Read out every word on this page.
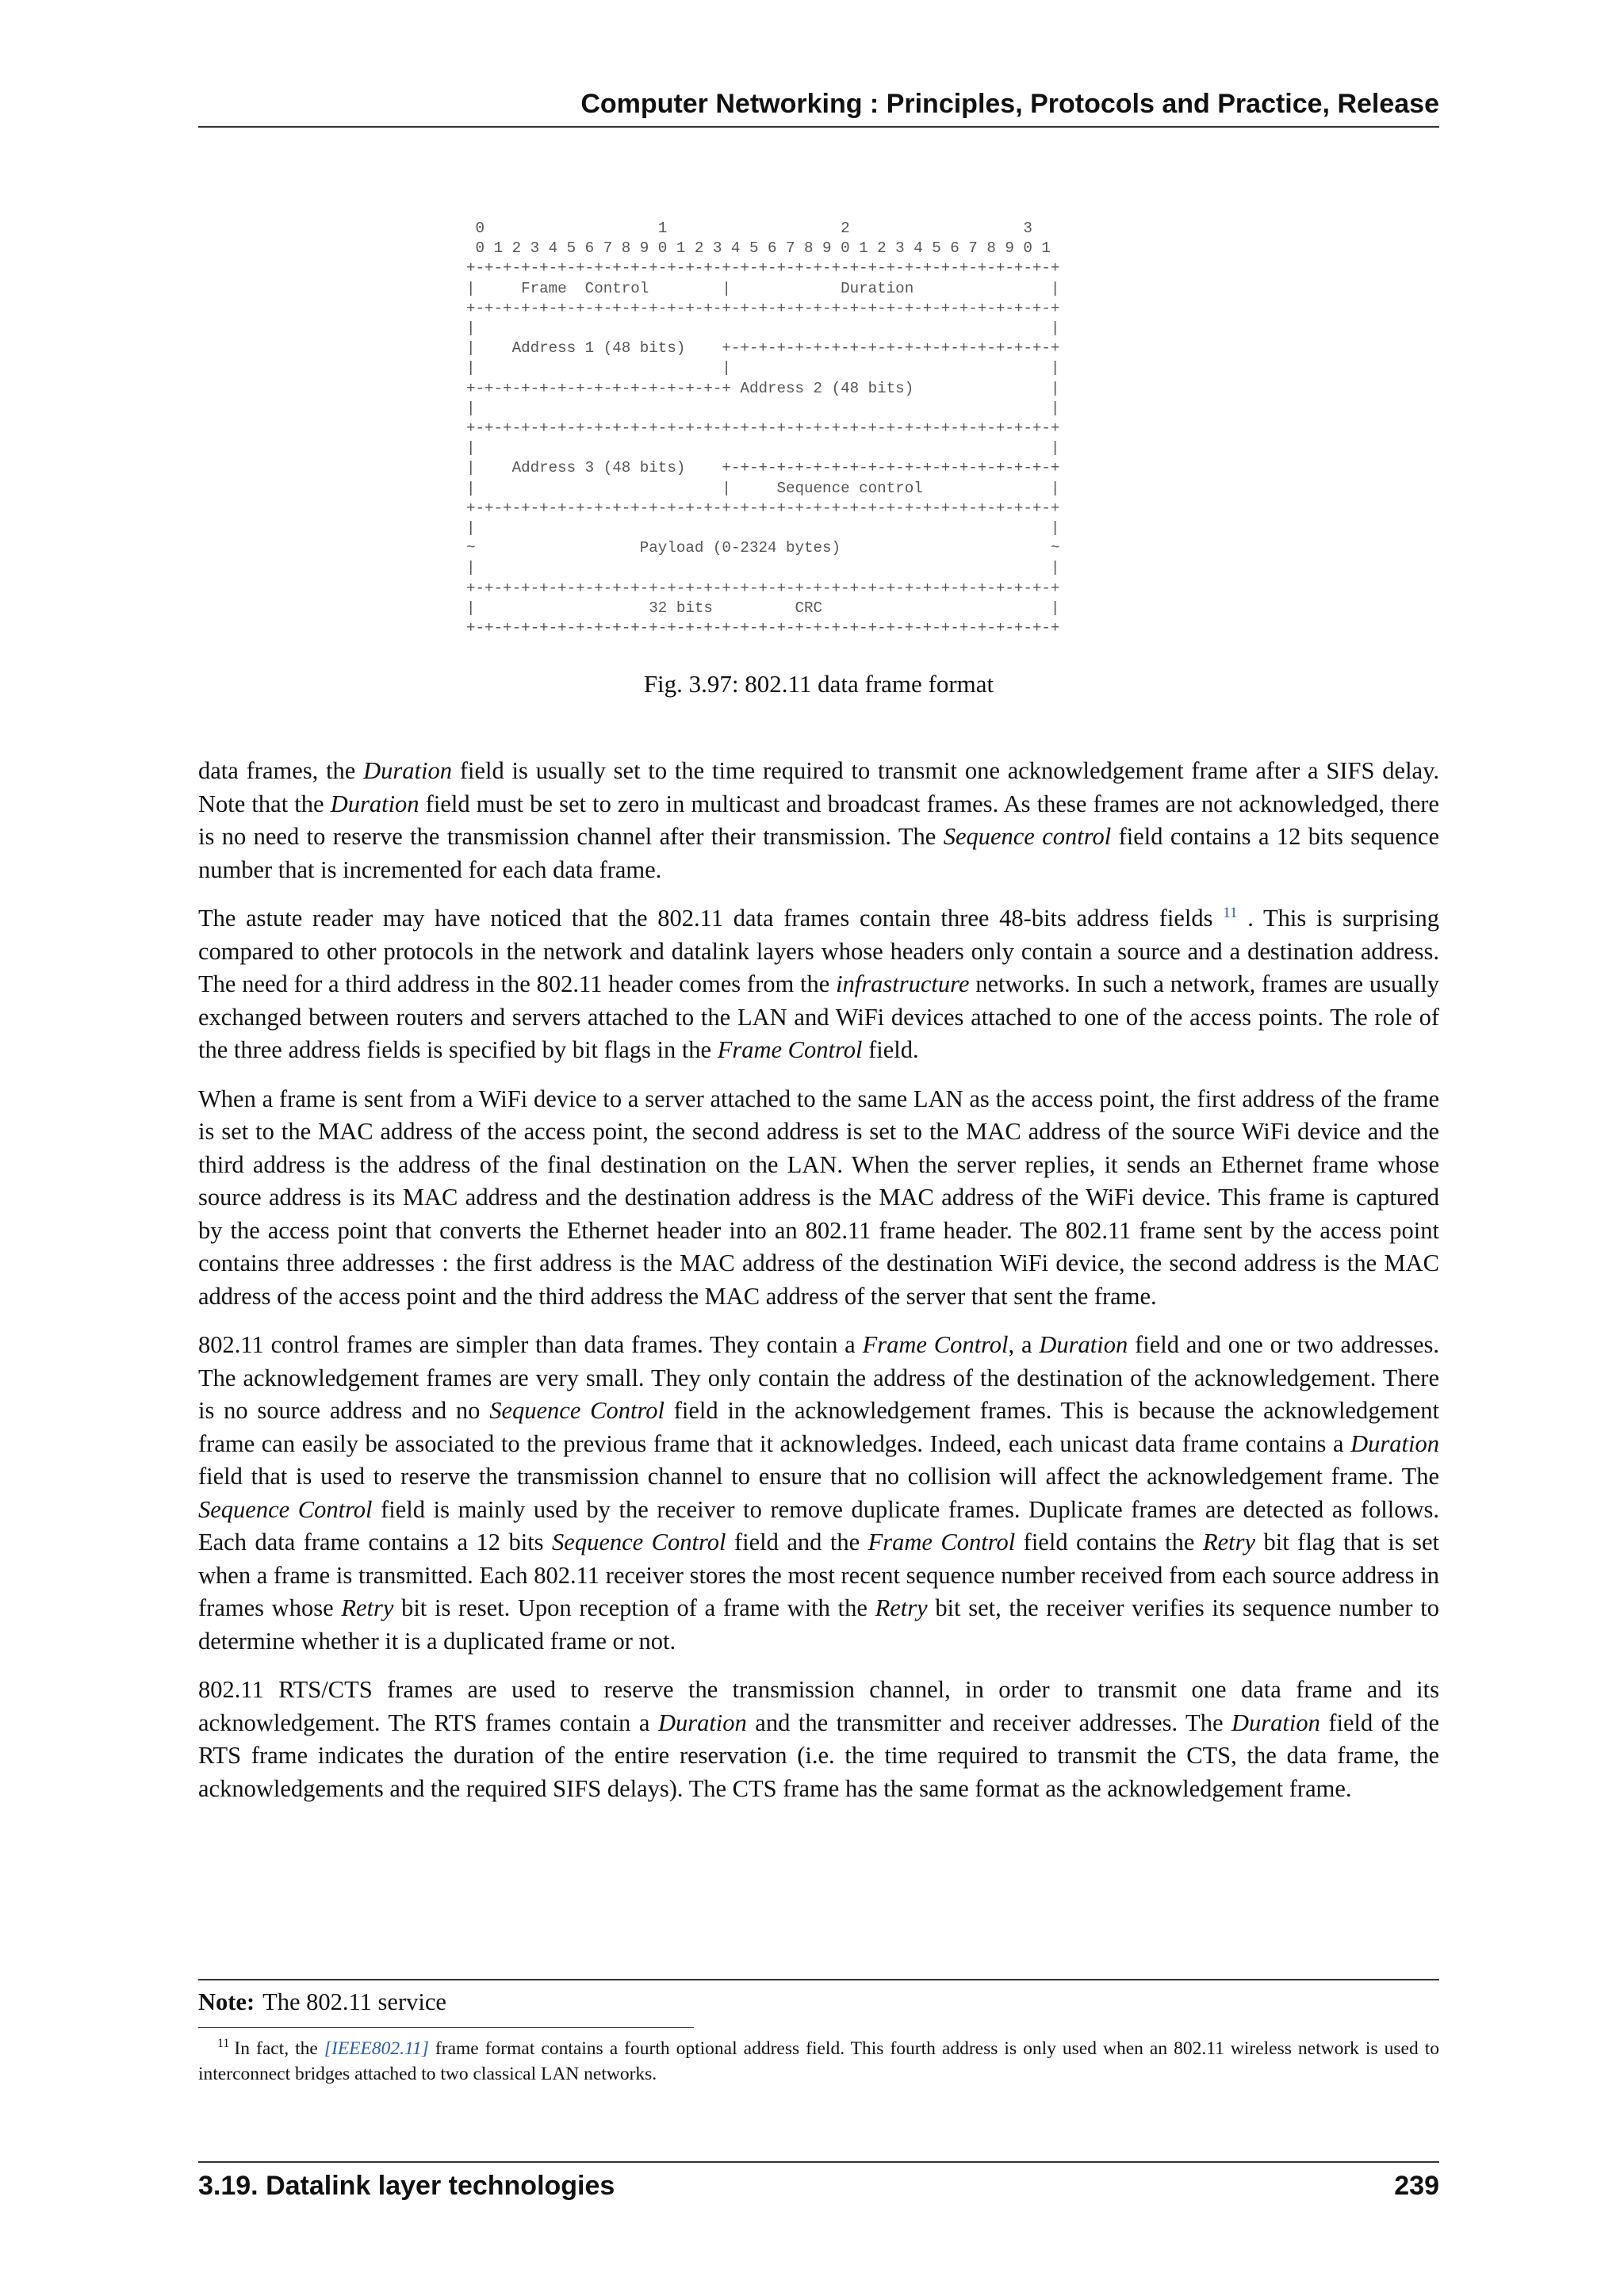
Computer Networking : Principles, Protocols and Practice, Release
0                   1                   2                   3
0 1 2 3 4 5 6 7 8 9 0 1 2 3 4 5 6 7 8 9 0 1 2 3 4 5 6 7 8 9 0 1
+-+-+-+-+-+-+-+-+-+-+-+-+-+-+-+-+-+-+-+-+-+-+-+-+-+-+-+-+-+-+-+-+
|     Frame  Control        |            Duration               |
+-+-+-+-+-+-+-+-+-+-+-+-+-+-+-+-+-+-+-+-+-+-+-+-+-+-+-+-+-+-+-+-+
|                                                               |
|    Address 1 (48 bits)    +-+-+-+-+-+-+-+-+-+-+-+-+-+-+-+-+-+-+
|                           |                                   |
+-+-+-+-+-+-+-+-+-+-+-+-+-+-+ Address 2 (48 bits)               |
|                                                               |
+-+-+-+-+-+-+-+-+-+-+-+-+-+-+-+-+-+-+-+-+-+-+-+-+-+-+-+-+-+-+-+-+
|                                                               |
|    Address 3 (48 bits)    +-+-+-+-+-+-+-+-+-+-+-+-+-+-+-+-+-+-+
|                           |     Sequence control              |
+-+-+-+-+-+-+-+-+-+-+-+-+-+-+-+-+-+-+-+-+-+-+-+-+-+-+-+-+-+-+-+-+
|                                                               |
~                  Payload (0-2324 bytes)                       ~
|                                                               |
+-+-+-+-+-+-+-+-+-+-+-+-+-+-+-+-+-+-+-+-+-+-+-+-+-+-+-+-+-+-+-+-+
|                   32 bits         CRC                         |
+-+-+-+-+-+-+-+-+-+-+-+-+-+-+-+-+-+-+-+-+-+-+-+-+-+-+-+-+-+-+-+-+
Fig. 3.97: 802.11 data frame format

data frames, the Duration field is usually set to the time required to transmit one acknowledgement frame after a SIFS delay. Note that the Duration field must be set to zero in multicast and broadcast frames. As these frames are not acknowledged, there is no need to reserve the transmission channel after their transmission. The Sequence control field contains a 12 bits sequence number that is incremented for each data frame.

The astute reader may have noticed that the 802.11 data frames contain three 48-bits address fields $^{11}$ . This is surprising compared to other protocols in the network and datalink layers whose headers only contain a source and a destination address. The need for a third address in the 802.11 header comes from the infrastructure networks. In such a network, frames are usually exchanged between routers and servers attached to the LAN and WiFi devices attached to one of the access points. The role of the three address fields is specified by bit flags in the Frame Control field.

When a frame is sent from a WiFi device to a server attached to the same LAN as the access point, the first address of the frame is set to the MAC address of the access point, the second address is set to the MAC address of the source WiFi device and the third address is the address of the final destination on the LAN. When the server replies, it sends an Ethernet frame whose source address is its MAC address and the destination address is the MAC address of the WiFi device. This frame is captured by the access point that converts the Ethernet header into an 802.11 frame header. The 802.11 frame sent by the access point contains three addresses : the first address is the MAC address of the destination WiFi device, the second address is the MAC address of the access point and the third address the MAC address of the server that sent the frame.

802.11 control frames are simpler than data frames. They contain a Frame Control, a Duration field and one or two addresses. The acknowledgement frames are very small. They only contain the address of the destination of the acknowledgement. There is no source address and no Sequence Control field in the acknowledgement frames. This is because the acknowledgement frame can easily be associated to the previous frame that it acknowledges. Indeed, each unicast data frame contains a Duration field that is used to reserve the transmission channel to ensure that no collision will affect the acknowledgement frame. The Sequence Control field is mainly used by the receiver to remove duplicate frames. Duplicate frames are detected as follows. Each data frame contains a 12 bits Sequence Control field and the Frame Control field contains the Retry bit flag that is set when a frame is transmitted. Each 802.11 receiver stores the most recent sequence number received from each source address in frames whose Retry bit is reset. Upon reception of a frame with the Retry bit set, the receiver verifies its sequence number to determine whether it is a duplicated frame or not.

802.11 RTS/CTS frames are used to reserve the transmission channel, in order to transmit one data frame and its acknowledgement. The RTS frames contain a Duration and the transmitter and receiver addresses. The Duration field of the RTS frame indicates the duration of the entire reservation (i.e. the time required to transmit the CTS, the data frame, the acknowledgements and the required SIFS delays). The CTS frame has the same format as the acknowledgement frame.

Note: The 802.11 service
$^{11}$ In fact, the [IEEE802.11] frame format contains a fourth optional address field. This fourth address is only used when an 802.11 wireless network is used to interconnect bridges attached to two classical LAN networks.
3.19. Datalink layer technologies	239
